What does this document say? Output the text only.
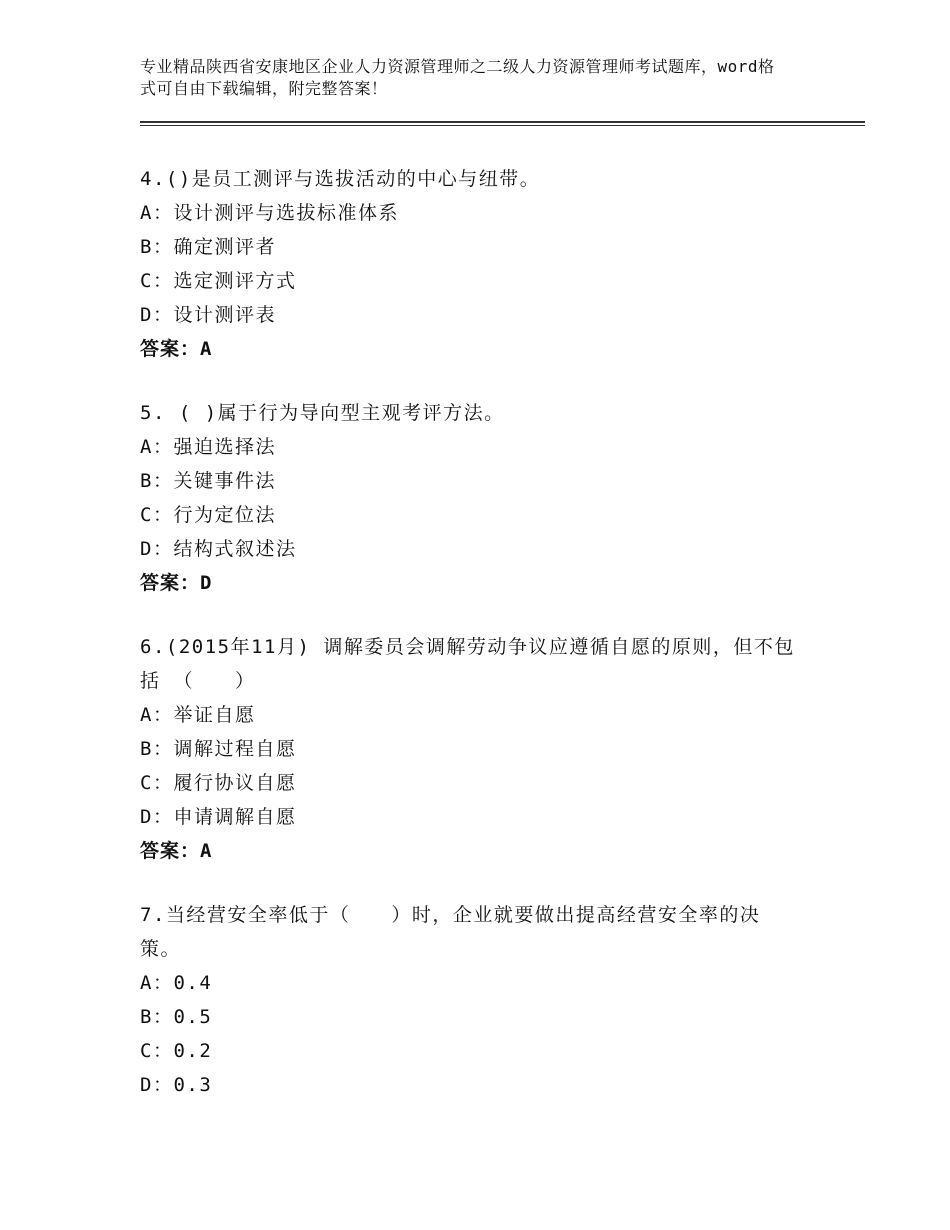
专业精品陕西省安康地区企业人力资源管理师之二级人力资源管理师考试题库，word格式可自由下载编辑，附完整答案！

4.()是员工测评与选拔活动的中心与纽带。

A：设计测评与选拔标准体系

B：确定测评者

C：选定测评方式

D：设计测评表

答案：A

5. ( )属于行为导向型主观考评方法。

A：强迫选择法

B：关键事件法

C：行为定位法

D：结构式叙述法

答案：D

6.(2015年11月) 调解委员会调解劳动争议应遵循自愿的原则，但不包括 （　　）

A：举证自愿

B：调解过程自愿

C：履行协议自愿

D：申请调解自愿

答案：A

7.当经营安全率低于（　　）时，企业就要做出提高经营安全率的决策。

A：0.4

B：0.5

C：0.2

D：0.3
